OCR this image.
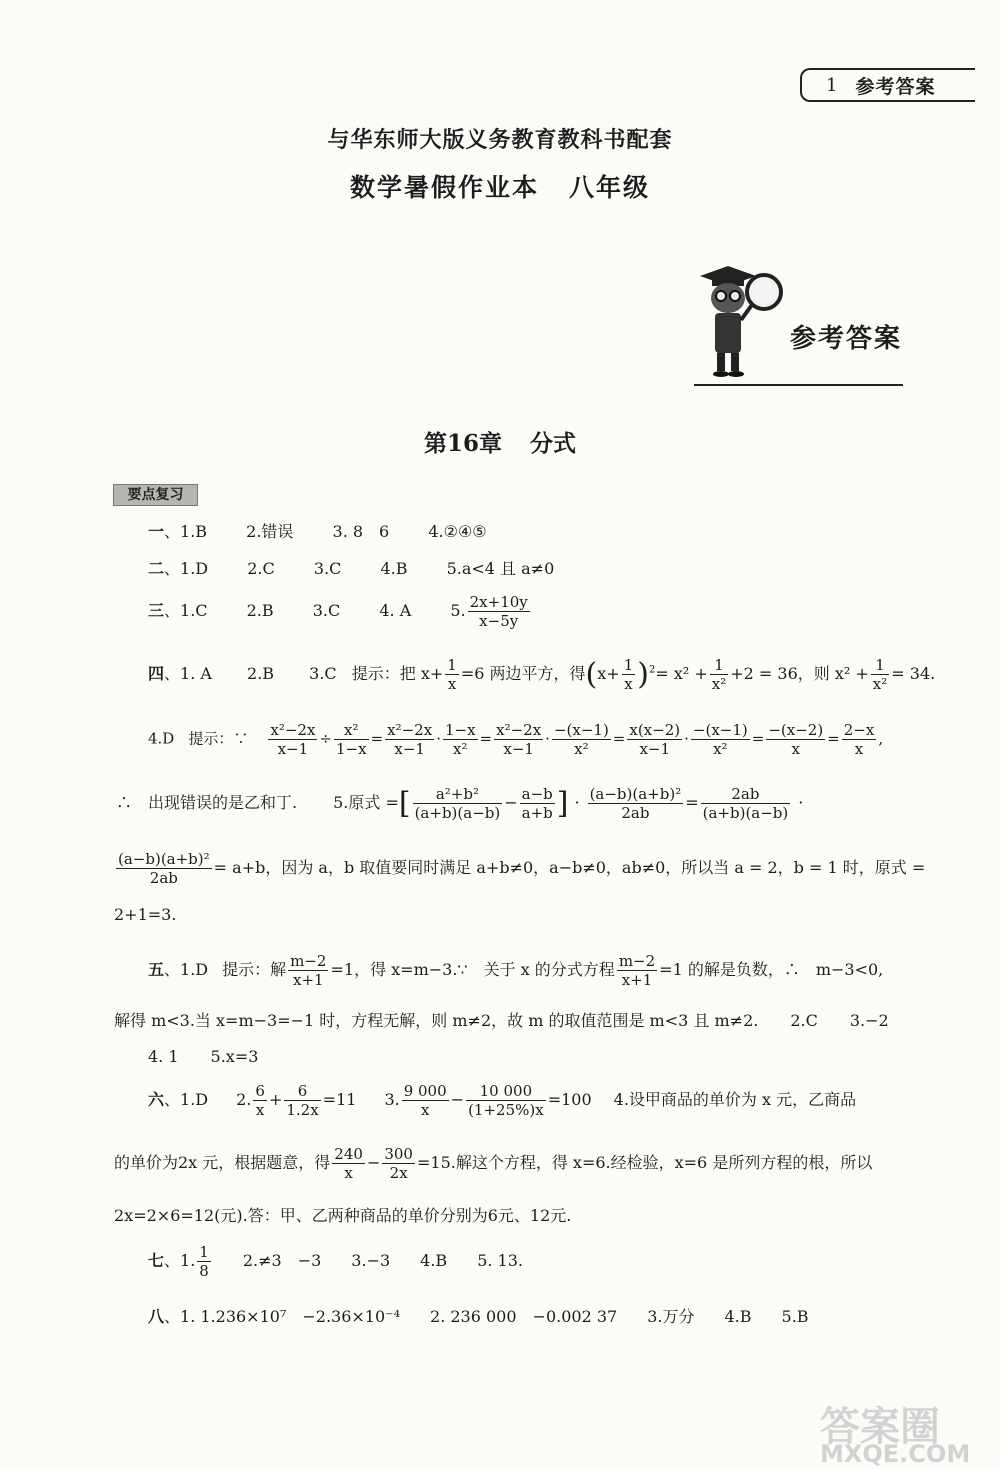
1 参考答案
与华东师大版义务教育教科书配套
数学暑假作业本 八年级
参考答案
第16章 分式
要点复习
一、1.B 2.错误 3. 8　6 4.②④⑤
二、1.D 2.C 3.C 4.B 5.a<4 且 a≠0
三、1.C 2.B 3.C 4. A 5. $\frac{2x+10y}{x-5y}$
四、1. A 2.B 3.C 提示：把 $x+ \frac{1}{x} =6$ 两边平方，得$(x+ \frac{1}{x} )^2= x^2 + \frac{1}{\text{x²}} +2 = 36$，则 $x^2 + \frac{1}{\text{x²}} = 34$.
4.D 提示：∵ $\frac{\text{x²−2x}}{x-1} \div \frac{\text{x²}}{1-x} = \frac{\text{x²−2x}}{x-1} \cdot \frac{1-x}{\text{x²}} = \frac{\text{x²−2x}}{x-1} \cdot \frac{-(x-1)}{\text{x²}} = \frac{x(x-2)}{x-1} \cdot \frac{-(x-1)}{\text{x²}} = \frac{-(x-2)}{x} = \frac{2-x}{x}$ ,
∴　出现错误的是乙和丁. 5.原式 =[ $\frac{\text{a²+b²}}{(a+b)(a-b)} - \frac{a-b}{a+b}$ ] · $\frac{\text{(a−b)(a+b)²}}{2ab} = \frac{2ab}{(a+b)(a-b)}$ ·
$\frac{\text{(a−b)(a+b)²}}{2ab} = a+b$，因为 a，b 取值要同时满足 a+b≠0，a−b≠0，ab≠0，所以当 a = 2，b = 1 时，原式 =
2+1=3.
五、1.D 提示：解 $\frac{m-2}{x+1} =1$，得 x=m−3.∵　关于 x 的分式方程 $\frac{m-2}{x+1} =1$ 的解是负数，∴　m−3<0,
解得 m<3.当 x=m−3=−1 时，方程无解，则 m≠2，故 m 的取值范围是 m<3 且 m≠2.　　2.C　　3.−2
4. 1　　5.x=3
六、1.D 2. $\frac{6}{x} + \frac{6}{1.2x} =11$ 3. $\frac{9 000}{x} - \frac{10 000}{(1+25\%)x} =100$ 4.设甲商品的单价为 x 元，乙商品
的单价为2x 元，根据题意，得 $\frac{240}{x} - \frac{300}{2x} =15$.解这个方程，得 x=6.经检验，x=6 是所列方程的根，所以
2x=2×6=12(元).答：甲、乙两种商品的单价分别为6元、12元.
七、1. $\frac{1}{8} 2.\ne 3$　−3 3.−3 4.B 5. 13.
八、1. 1.236×10⁷　−2.36×10⁻⁴ 2. 236 000　−0.002 37 3.万分 4.B 5.B
答案圈
MXQE.COM
